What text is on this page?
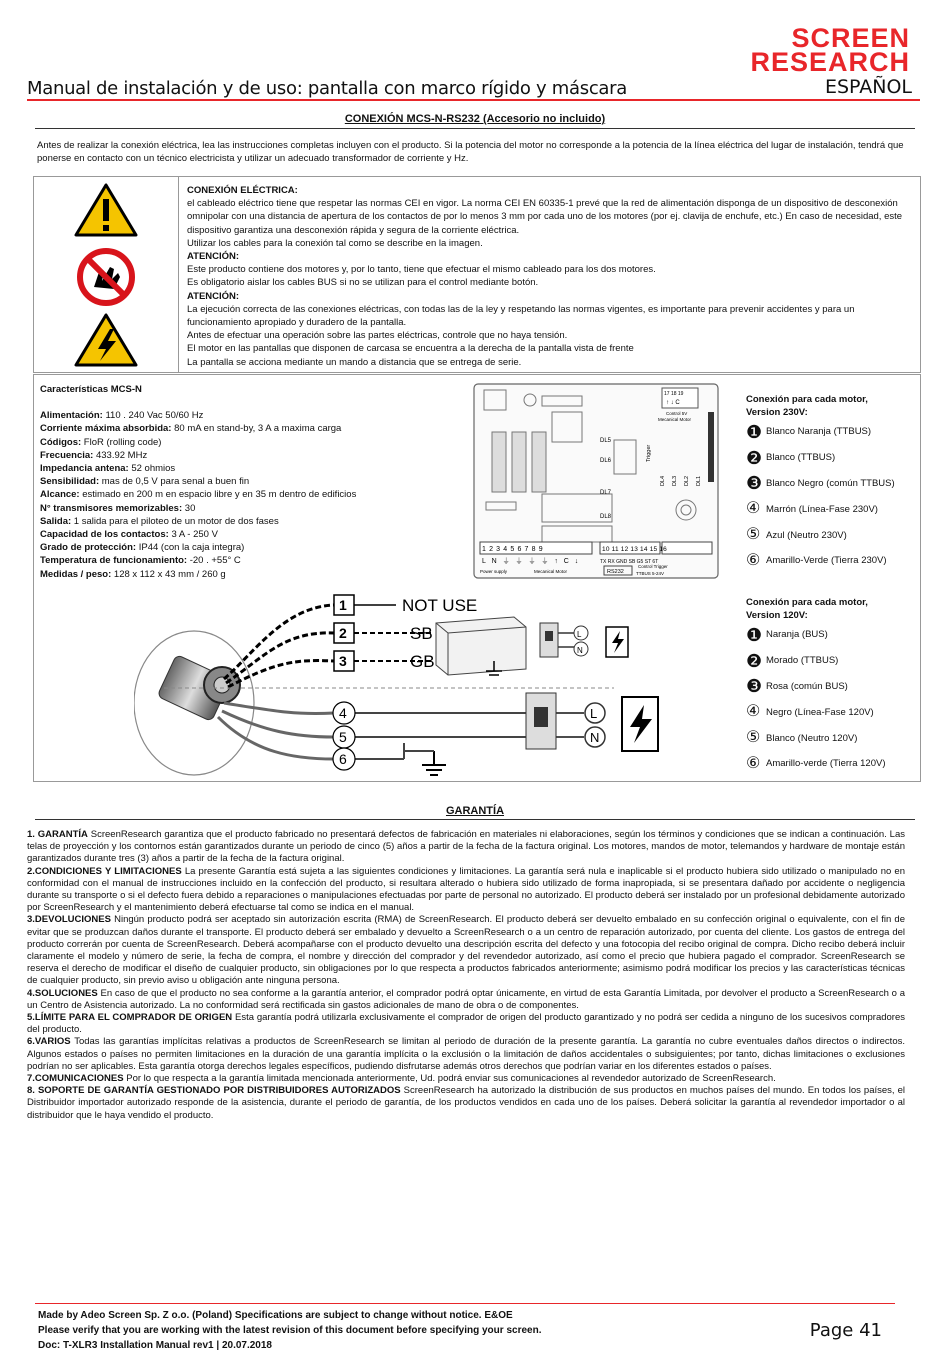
SCREEN
RESEARCH
Manual de instalación y de uso: pantalla con marco rígido y máscara	ESPAÑOL
CONEXIÓN MCS-N-RS232 (Accesorio no incluido)
Antes de realizar la conexión eléctrica, lea las instrucciones completas incluyen con el producto. Si la potencia del motor no corresponde a la potencia de la línea eléctrica del lugar de instalación, tendrá que ponerse en contacto con un técnico electricista y utilizar un adecuado transformador de corriente y Hz.
CONEXIÓN ELÉCTRICA:
el cableado eléctrico tiene que respetar las normas CEI en vigor. La norma CEI EN 60335-1 prevé que la red de alimentación disponga de un dispositivo de desconexión omnipolar con una distancia de apertura de los contactos de por lo menos 3 mm por cada uno de los motores (por ej. clavija de enchufe, etc.) En caso de necesidad, este dispositivo garantiza una desconexión rápida y segura de la corriente eléctrica.
Utilizar los cables para la conexión tal como se describe en la imagen.
ATENCIÓN:
Este producto contiene dos motores y, por lo tanto, tiene que efectuar el mismo cableado para los dos motores.
Es obligatorio aislar los cables BUS si no se utilizan para el control mediante botón.
ATENCIÓN:
La ejecución correcta de las conexiones eléctricas, con todas las de la ley y respetando las normas vigentes, es importante para prevenir accidentes y para un funcionamiento apropiado y duradero de la pantalla.
Antes de efectuar una operación sobre las partes eléctricas, controle que no haya tensión.
El motor en las pantallas que disponen de carcasa se encuentra a la derecha de la pantalla vista de frente
La pantalla se acciona mediante un mando a distancia que se entrega de serie.
Características MCS-N
Alimentación: 110 . 240 Vac 50/60 Hz
Corriente máxima absorbida: 80 mA en stand-by, 3 A a maxima carga
Códigos: FloR (rolling code)
Frecuencia: 433.92 MHz
Impedancia antena: 52 ohmios
Sensibilidad: mas de 0,5 V para senal a buen fin
Alcance: estimado en 200 m en espacio libre y en 35 m dentro de edificios
N° transmisores memorizables: 30
Salida: 1 salida para el piloteo de un motor de dos fases
Capacidad de los contactos: 3 A - 250 V
Grado de protección: IP44 (con la caja integra)
Temperatura de funcionamiento: -20 . +55° C
Medidas / peso: 128 x 112 x 43 mm / 260 g
DL5
DL6
DL7
DL8
Trigger
DL4 DL3 DL2 DL1
17 18 19
↑ ↓ C
Control 5V
Mecanical Motor
123456789
L N ⏚ ⏚ ⏚ ⏚ ↑ C ↓
Power supply	Mecanical Motor
10 11 12 13 14 15 16
TX RX GND SB G5 ST 6T
RS232
Control Trigger
TTBUS 5-24V
1
2
3
4
5
6
NOT USE
SB
GB
L
N
L
N
Conexión para cada motor,
Version 230V:
❶ Blanco Naranja (TTBUS)
❷ Blanco (TTBUS)
❸ Blanco Negro (común TTBUS)
④ Marrón (Línea-Fase 230V)
⑤ Azul (Neutro 230V)
⑥ Amarillo-Verde (Tierra 230V)
Conexión para cada motor,
Version 120V:
❶ Naranja (BUS)
❷ Morado (TTBUS)
❸ Rosa (común BUS)
④ Negro (Línea-Fase 120V)
⑤ Blanco (Neutro 120V)
⑥ Amarillo-verde (Tierra 120V)
GARANTÍA

1. GARANTÍA ScreenResearch garantiza que el producto fabricado no presentará defectos de fabricación en materiales ni elaboraciones, según los términos y condiciones que se indican a continuación. Las telas de proyección y los contornos están garantizados durante un periodo de cinco (5) años a partir de la fecha de la factura original. Los motores, mandos de motor, telemandos y hardware de montaje están garantizados durante tres (3) años a partir de la fecha de la factura original.

2.CONDICIONES Y LIMITACIONES La presente Garantía está sujeta a las siguientes condiciones y limitaciones. La garantía será nula e inaplicable si el producto hubiera sido utilizado o manipulado no en conformidad con el manual de instrucciones incluido en la confección del producto, si resultara alterado o hubiera sido utilizado de forma inapropiada, si se presentara dañado por accidente o negligencia durante su transporte o si el defecto fuera debido a reparaciones o manipulaciones efectuadas por parte de personal no autorizado. El producto deberá ser instalado por un profesional debidamente autorizado por ScreenResearch y el mantenimiento deberá efectuarse tal como se indica en el manual.

3.DEVOLUCIONES Ningún producto podrá ser aceptado sin autorización escrita (RMA) de ScreenResearch. El producto deberá ser devuelto embalado en su confección original o equivalente, con el fin de evitar que se produzcan daños durante el transporte. El producto deberá ser embalado y devuelto a ScreenResearch o a un centro de reparación autorizado, por cuenta del cliente. Los gastos de entrega del producto correrán por cuenta de ScreenResearch. Deberá acompañarse con el producto devuelto una descripción escrita del defecto y una fotocopia del recibo original de compra. Dicho recibo deberá incluir claramente el modelo y número de serie, la fecha de compra, el nombre y dirección del comprador y del revendedor autorizado, así como el precio que hubiera pagado el comprador. ScreenResearch se reserva el derecho de modificar el diseño de cualquier producto, sin obligaciones por lo que respecta a productos fabricados anteriormente; asimismo podrá modificar los precios y las características técnicas de cualquier producto, sin previo aviso u obligación ante ninguna persona.

4.SOLUCIONES En caso de que el producto no sea conforme a la garantía anterior, el comprador podrá optar únicamente, en virtud de esta Garantía Limitada, por devolver el producto a ScreenResearch o a un Centro de Asistencia autorizado. La no conformidad será rectificada sin gastos adicionales de mano de obra o de componentes.

5.LÍMITE PARA EL COMPRADOR DE ORIGEN Esta garantía podrá utilizarla exclusivamente el comprador de origen del producto garantizado y no podrá ser cedida a ninguno de los sucesivos compradores del producto.

6.VARIOS Todas las garantías implícitas relativas a productos de ScreenResearch se limitan al periodo de duración de la presente garantía. La garantía no cubre eventuales daños directos o indirectos. Algunos estados o países no permiten limitaciones en la duración de una garantía implícita o la exclusión o la limitación de daños accidentales o subsiguientes; por tanto, dichas limitaciones o exclusiones podrían no ser aplicables. Esta garantía otorga derechos legales específicos, pudiendo disfrutarse además otros derechos que podrían variar en los diferentes estados o países.

7.COMUNICACIONES Por lo que respecta a la garantía limitada mencionada anteriormente, Ud. podrá enviar sus comunicaciones al revendedor autorizado de ScreenResearch.

8. SOPORTE DE GARANTÍA GESTIONADO POR DISTRIBUIDORES AUTORIZADOS ScreenResearch ha autorizado la distribución de sus productos en muchos países del mundo. En todos los países, el Distribuidor importador autorizado responde de la asistencia, durante el periodo de garantía, de los productos vendidos en cada uno de los países. Deberá solicitar la garantía al revendedor importador o al distribuidor que le haya vendido el producto.

Made by Adeo Screen Sp. Z o.o. (Poland) Specifications are subject to change without notice. E&OE
Please verify that you are working with the latest revision of this document before specifying your screen.
Doc: T-XLR3 Installation Manual rev1 | 20.07.2018
Page 41
